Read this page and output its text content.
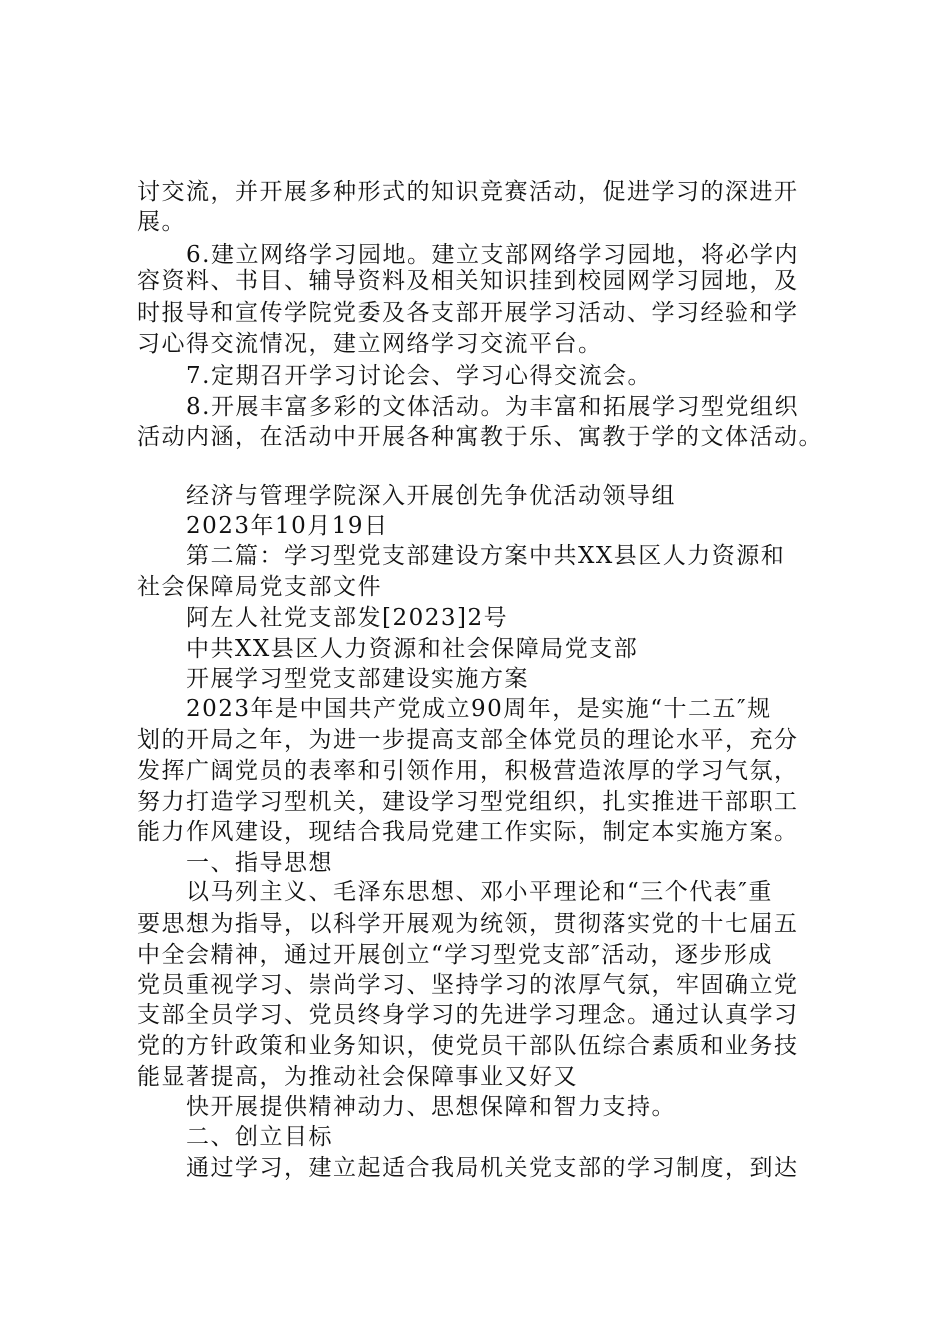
讨交流，并开展多种形式的知识竞赛活动，促进学习的深进开
展。
6.建立网络学习园地。建立支部网络学习园地，将必学内
容资料、书目、辅导资料及相关知识挂到校园网学习园地，及
时报导和宣传学院党委及各支部开展学习活动、学习经验和学
习心得交流情况，建立网络学习交流平台。
7.定期召开学习讨论会、学习心得交流会。
8.开展丰富多彩的文体活动。为丰富和拓展学习型党组织
活动内涵，在活动中开展各种寓教于乐、寓教于学的文体活动。
经济与管理学院深入开展创先争优活动领导组
2023年10月19日
第二篇：学习型党支部建设方案中共XX县区人力资源和
社会保障局党支部文件
阿左人社党支部发[2023]2号
中共XX县区人力资源和社会保障局党支部
开展学习型党支部建设实施方案
2023年是中国共产党成立90周年，是实施“十二五″规
划的开局之年，为进一步提高支部全体党员的理论水平，充分
发挥广阔党员的表率和引领作用，积极营造浓厚的学习气氛，
努力打造学习型机关，建设学习型党组织，扎实推进干部职工
能力作风建设，现结合我局党建工作实际，制定本实施方案。
一、指导思想
以马列主义、毛泽东思想、邓小平理论和“三个代表″重
要思想为指导，以科学开展观为统领，贯彻落实党的十七届五
中全会精神，通过开展创立“学习型党支部″活动，逐步形成
党员重视学习、崇尚学习、坚持学习的浓厚气氛，牢固确立党
支部全员学习、党员终身学习的先进学习理念。通过认真学习
党的方针政策和业务知识，使党员干部队伍综合素质和业务技
能显著提高，为推动社会保障事业又好又
快开展提供精神动力、思想保障和智力支持。
二、创立目标
通过学习，建立起适合我局机关党支部的学习制度，到达
